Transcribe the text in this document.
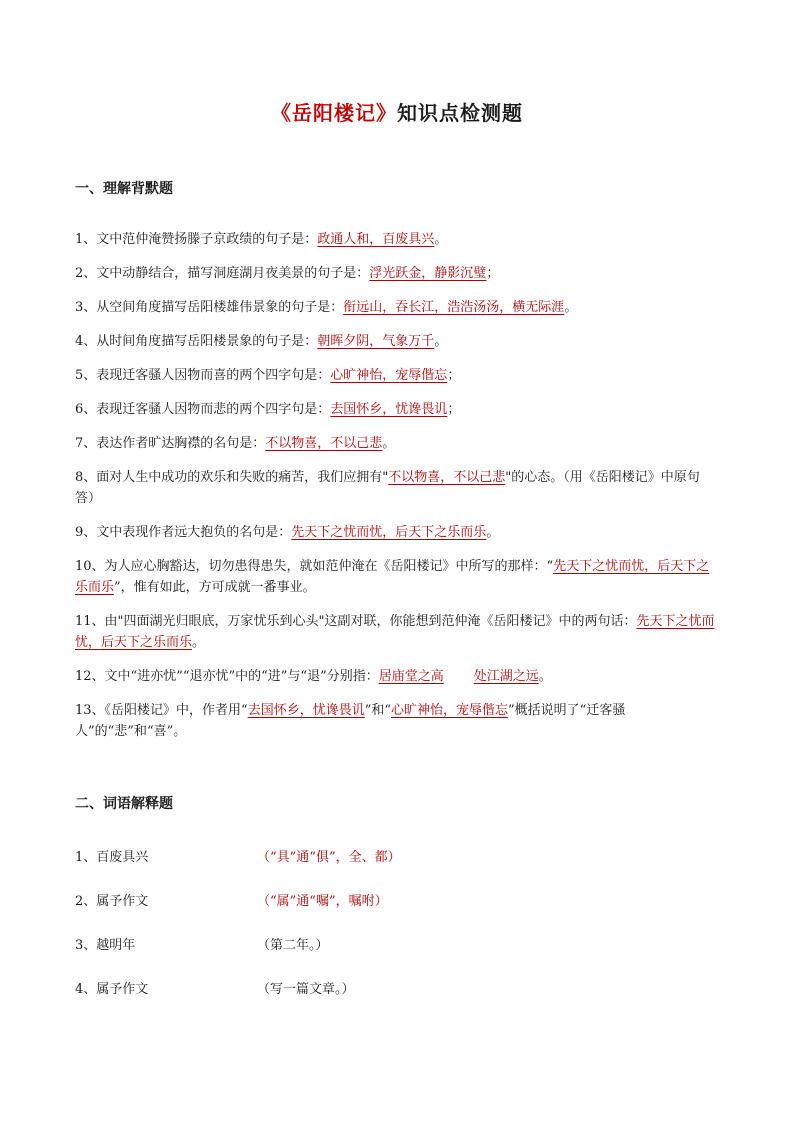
《岳阳楼记》知识点检测题
一、理解背默题
1、文中范仲淹赞扬滕子京政绩的句子是：政通人和，百废具兴。
2、文中动静结合，描写洞庭湖月夜美景的句子是：浮光跃金，静影沉璧；
3、从空间角度描写岳阳楼雄伟景象的句子是：衔远山，吞长江，浩浩汤汤，横无际涯。
4、从时间角度描写岳阳楼景象的句子是：朝晖夕阴，气象万千。
5、表现迁客骚人因物而喜的两个四字句是：心旷神怡，宠辱偕忘；
6、表现迁客骚人因物而悲的两个四字句是：去国怀乡，忧谗畏讥；
7、表达作者旷达胸襟的名句是：不以物喜，不以己悲。
8、面对人生中成功的欢乐和失败的痛苦，我们应拥有"不以物喜，不以己悲"的心态。（用《岳阳楼记》中原句答）
9、文中表现作者远大抱负的名句是：先天下之忧而忧，后天下之乐而乐。
10、为人应心胸豁达，切勿患得患失，就如范仲淹在《岳阳楼记》中所写的那样：“先天下之忧而忧，后天下之乐而乐”，惟有如此，方可成就一番事业。
11、由"四面湖光归眼底，万家忧乐到心头"这副对联，你能想到范仲淹《岳阳楼记》中的两句话：先天下之忧而忧，后天下之乐而乐。
12、文中“进亦忧”“退亦忧”中的“进”与“退”分别指：居庙堂之高 处江湖之远。
13、《岳阳楼记》中，作者用“去国怀乡，忧谗畏讥”和“心旷神怡，宠辱偕忘”概括说明了“迁客骚人”的“悲”和“喜”。
二、词语解释题
1、百废具兴	（“具”通“俱”，全、都）
2、属予作文	（“属”通“嘱”，嘱咐）
3、越明年	（第二年。）
4、属予作文	（写一篇文章。）
